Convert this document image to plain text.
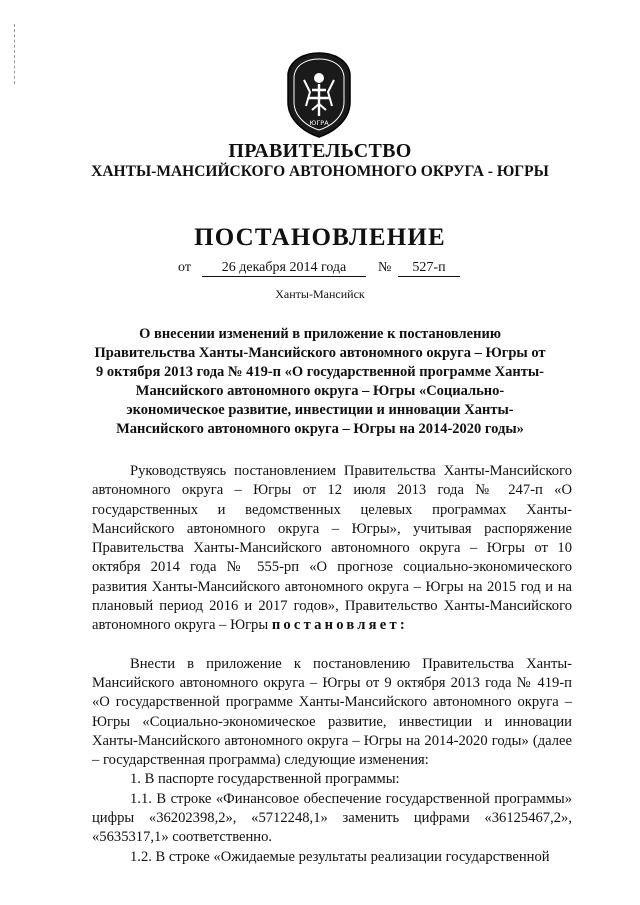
ЮГРА
ПРАВИТЕЛЬСТВО
ХАНТЫ-МАНСИЙСКОГО АВТОНОМНОГО ОКРУГА - ЮГРЫ
ПОСТАНОВЛЕНИЕ
от	26 декабря 2014 года	№	527-п
Ханты-Мансийск
О внесении изменений в приложение к постановлению Правительства Ханты-Мансийского автономного округа – Югры от 9 октября 2013 года № 419-п «О государственной программе Ханты-Мансийского автономного округа – Югры «Социально-экономическое развитие, инвестиции и инновации Ханты-Мансийского автономного округа – Югры на 2014-2020 годы»

Руководствуясь постановлением Правительства Ханты-Мансийского автономного округа – Югры от 12 июля 2013 года № 247-п «О государственных и ведомственных целевых программах Ханты-Мансийского автономного округа – Югры», учитывая распоряжение Правительства Ханты-Мансийского автономного округа – Югры от 10 октября 2014 года № 555-рп «О прогнозе социально-экономического развития Ханты-Мансийского автономного округа – Югры на 2015 год и на плановый период 2016 и 2017 годов», Правительство Ханты-Мансийского автономного округа – Югры постановляет:

Внести в приложение к постановлению Правительства Ханты-Мансийского автономного округа – Югры от 9 октября 2013 года № 419-п «О государственной программе Ханты-Мансийского автономного округа – Югры «Социально-экономическое развитие, инвестиции и инновации Ханты-Мансийского автономного округа – Югры на 2014-2020 годы» (далее – государственная программа) следующие изменения:

1. В паспорте государственной программы:

1.1. В строке «Финансовое обеспечение государственной программы» цифры «36202398,2», «5712248,1» заменить цифрами «36125467,2», «5635317,1» соответственно.

1.2. В строке «Ожидаемые результаты реализации государственной
